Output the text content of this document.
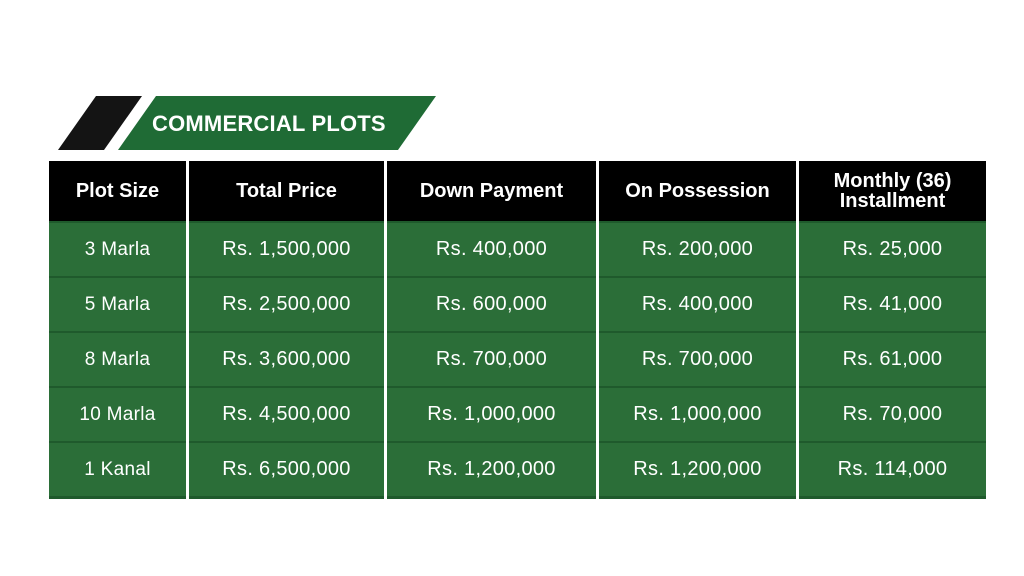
COMMERCIAL PLOTS
Plot Size	Total Price	Down Payment	On Possession	Monthly (36) Installment
3 Marla	Rs. 1,500,000	Rs. 400,000	Rs. 200,000	Rs. 25,000
5 Marla	Rs. 2,500,000	Rs. 600,000	Rs. 400,000	Rs. 41,000
8 Marla	Rs. 3,600,000	Rs. 700,000	Rs. 700,000	Rs. 61,000
10 Marla	Rs. 4,500,000	Rs. 1,000,000	Rs. 1,000,000	Rs. 70,000
1 Kanal	Rs. 6,500,000	Rs. 1,200,000	Rs. 1,200,000	Rs. 114,000
